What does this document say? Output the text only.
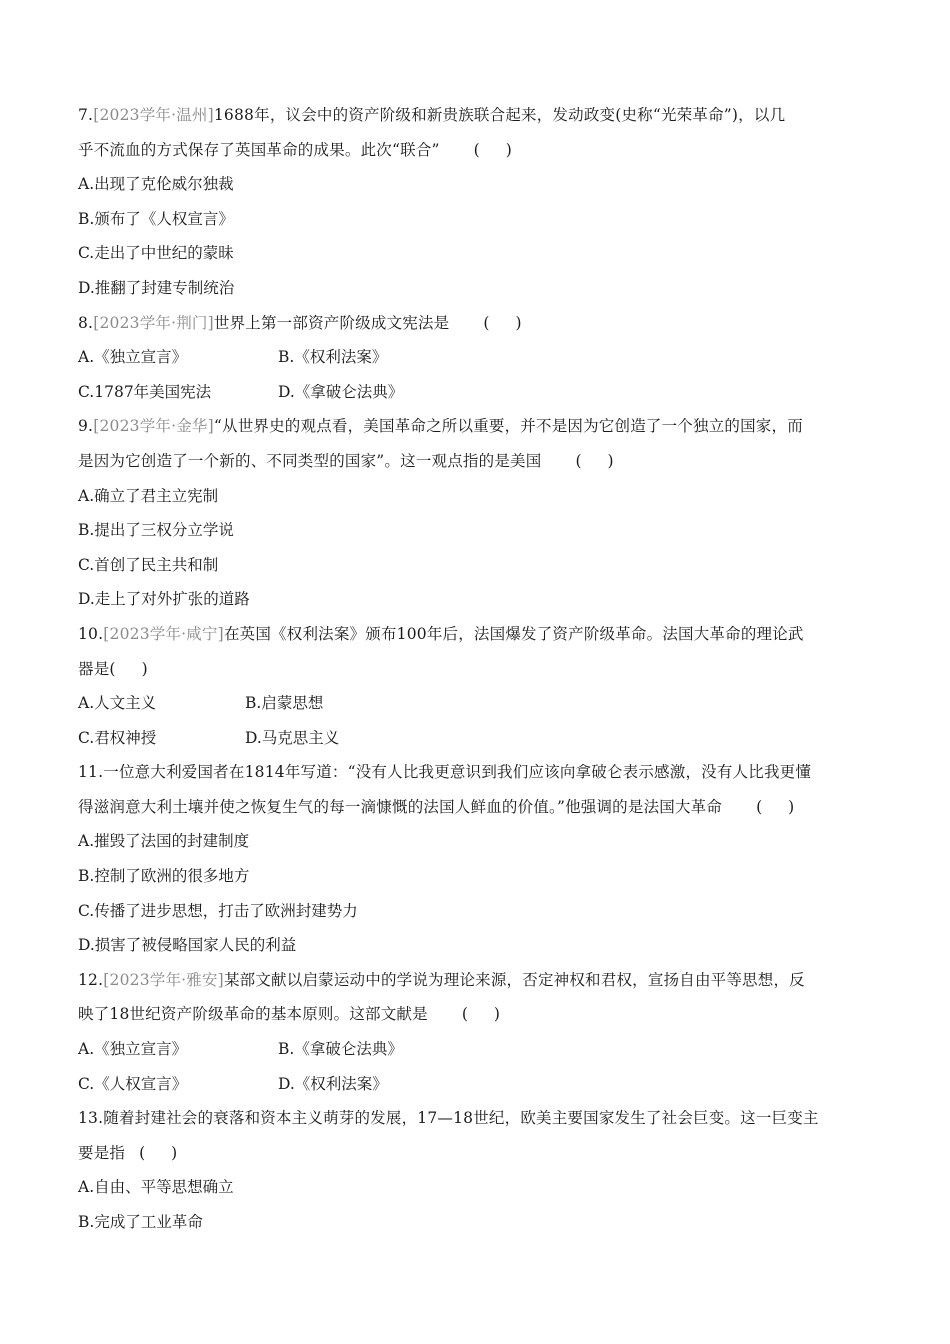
7.[2023学年·温州]1688年，议会中的资产阶级和新贵族联合起来，发动政变(史称“光荣革命”)，以几
乎不流血的方式保存了英国革命的成果。此次“联合” ( )
A.出现了克伦威尔独裁
B.颁布了《人权宣言》
C.走出了中世纪的蒙昧
D.推翻了封建专制统治
8.[2023学年·荆门]世界上第一部资产阶级成文宪法是 ( )
A.《独立宣言》	B.《权利法案》
C.1787年美国宪法	D.《拿破仑法典》
9.[2023学年·金华]“从世界史的观点看，美国革命之所以重要，并不是因为它创造了一个独立的国家，而
是因为它创造了一个新的、不同类型的国家”。这一观点指的是美国 ( )
A.确立了君主立宪制
B.提出了三权分立学说
C.首创了民主共和制
D.走上了对外扩张的道路
10.[2023学年·咸宁]在英国《权利法案》颁布100年后，法国爆发了资产阶级革命。法国大革命的理论武
器是( )
A.人文主义	B.启蒙思想
C.君权神授	D.马克思主义
11.一位意大利爱国者在1814年写道：“没有人比我更意识到我们应该向拿破仑表示感激，没有人比我更懂
得滋润意大利土壤并使之恢复生气的每一滴慷慨的法国人鲜血的价值。”他强调的是法国大革命 ( )
A.摧毁了法国的封建制度
B.控制了欧洲的很多地方
C.传播了进步思想，打击了欧洲封建势力
D.损害了被侵略国家人民的利益
12.[2023学年·雅安]某部文献以启蒙运动中的学说为理论来源，否定神权和君权，宣扬自由平等思想，反
映了18世纪资产阶级革命的基本原则。这部文献是 ( )
A.《独立宣言》	B.《拿破仑法典》
C.《人权宣言》	D.《权利法案》
13.随着封建社会的衰落和资本主义萌芽的发展，17—18世纪，欧美主要国家发生了社会巨变。这一巨变主
要是指 ( )
A.自由、平等思想确立
B.完成了工业革命
